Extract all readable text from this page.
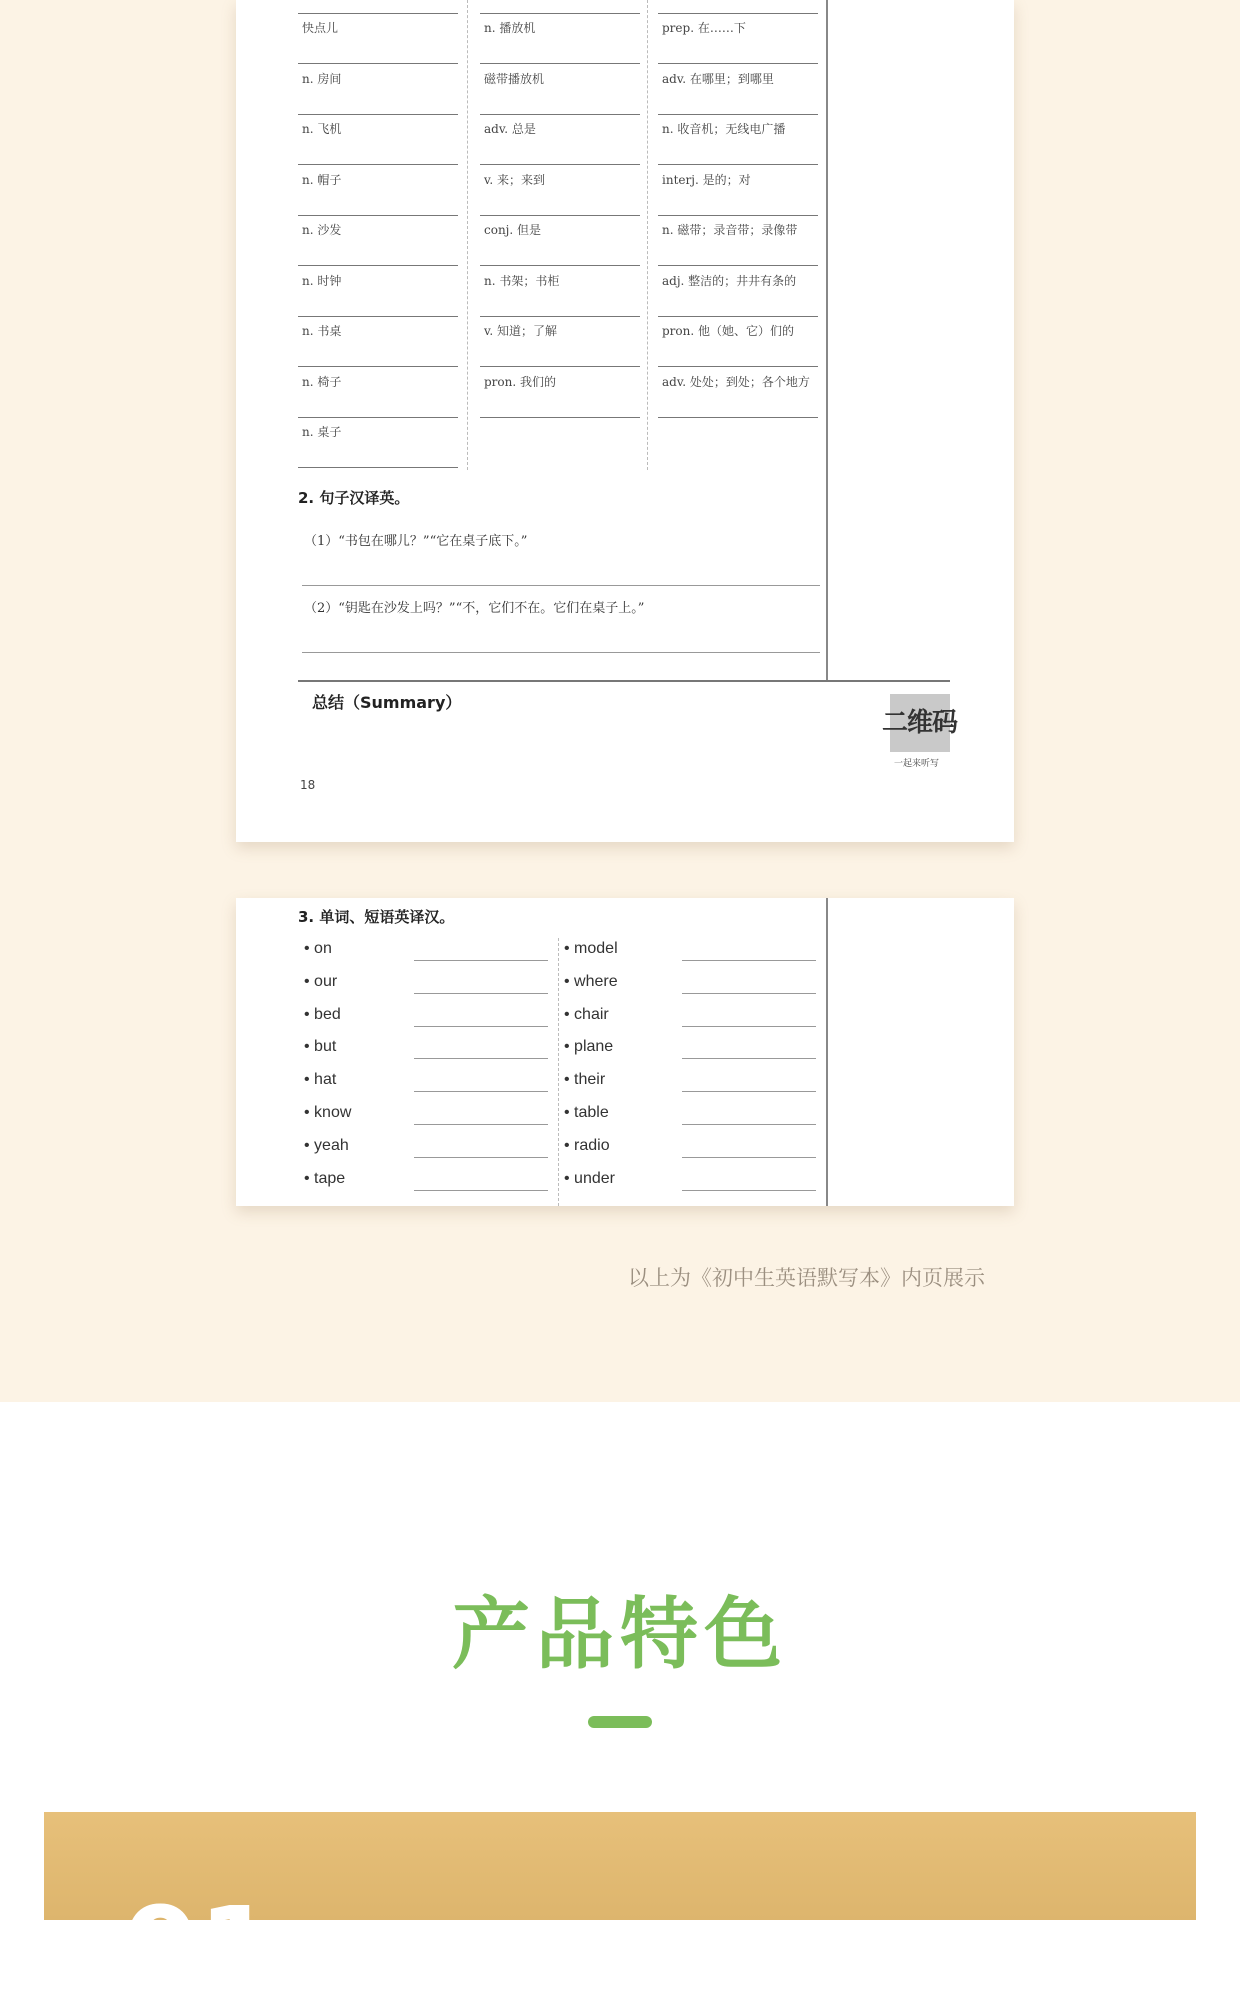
快点儿
n. 房间
n. 飞机
n. 帽子
n. 沙发
n. 时钟
n. 书桌
n. 椅子
n. 桌子
n. 播放机
磁带播放机
adv. 总是
v. 来；来到
conj. 但是
n. 书架；书柜
v. 知道；了解
pron. 我们的
prep. 在……下
adv. 在哪里；到哪里
n. 收音机；无线电广播
interj. 是的；对
n. 磁带；录音带；录像带
adj. 整洁的；井井有条的
pron. 他（她、它）们的
adv. 处处；到处；各个地方
2. 句子汉译英。
（1）“书包在哪儿？”“它在桌子底下。”
（2）“钥匙在沙发上吗？”“不，它们不在。它们在桌子上。”
总结（Summary）
二维码
一起来听写
18
3. 单词、短语英译汉。
• on
• our
• bed
• but
• hat
• know
• yeah
• tape
• model
• where
• chair
• plane
• their
• table
• radio
• under
以上为《初中生英语默写本》内页展示
产品特色
01
